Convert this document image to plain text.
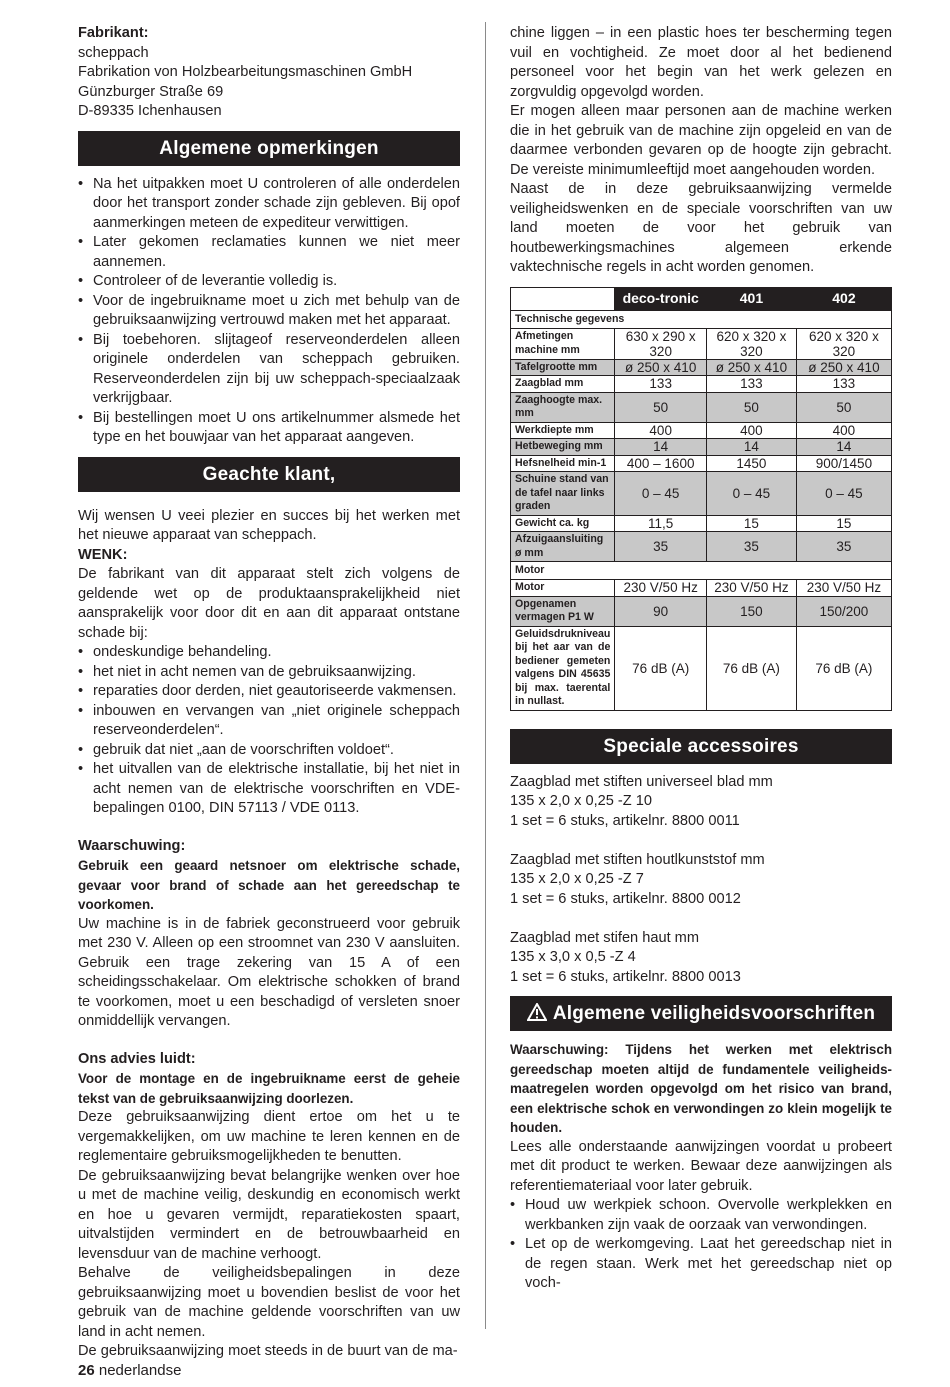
Fabrikant:
scheppach
Fabrikation von Holzbearbeitungsmaschinen GmbH
Günzburger Straße 69
D-89335 Ichenhausen
Algemene opmerkingen
• Na het uitpakken moet U controleren of alle onderdelen door het transport zonder schade zijn gebleven. Bij opof aanmerkingen meteen de expediteur verwittigen.
• Later gekomen reclamaties kunnen we niet meer aannemen.
• Controleer of de leverantie volledig is.
• Voor de ingebruikname moet u zich met behulp van de gebruiksaanwijzing vertrouwd maken met het apparaat.
• Bij toebehoren. slijtageof reserveonderdelen alleen originele onderdelen van scheppach gebruiken. Reserveonderdelen zijn bij uw scheppach-speciaalzaak verkrijgbaar.
• Bij bestellingen moet U ons artikelnummer alsmede het type en het bouwjaar van het apparaat aangeven.
Geachte klant,

Wij wensen U veei plezier en succes bij het werken met het nieuwe apparaat van scheppach.

WENK:

De fabrikant van dit apparaat stelt zich volgens de geldende wet op de produktaansprakelijkheid niet aansprakelijk voor door dit en aan dit apparaat ontstane schade bij:

• ondeskundige behandeling.
• het niet in acht nemen van de gebruiksaanwijzing.
• reparaties door derden, niet geautoriseerde vakmensen.
• inbouwen en vervangen van „niet originele scheppach reserveonderdelen“.
• gebruik dat niet „aan de voorschriften voldoet“.
• het uitvallen van de elektrische installatie, bij het niet in acht nemen van de elektrische voorschriften en VDE-bepalingen 0100, DIN 57113 / VDE 0113.
Waarschuwing:

Gebruik een geaard netsnoer om elektrische schade, gevaar voor brand of schade aan het gereedschap te voorkomen.

Uw machine is in de fabriek geconstrueerd voor gebruik met 230 V. Alleen op een stroomnet van 230 V aansluiten. Gebruik een trage zekering van 15 A of een scheidingsschakelaar. Om elektrische schokken of brand te voorkomen, moet u een beschadigd of versleten snoer onmiddellijk vervangen.

Ons advies luidt:

Voor de montage en de ingebruikname eerst de geheie tekst van de gebruiksaanwijzing doorlezen.

Deze gebruiksaanwijzing dient ertoe om het u te vergemakkelijken, om uw machine te leren kennen en de reglementaire gebruiksmogelijkheden te benutten.

De gebruiksaanwijzing bevat belangrijke wenken over hoe u met de machine veilig, deskundig en economisch werkt en hoe u gevaren vermijdt, reparatiekosten spaart, uitvalstijden vermindert en de betrouwbaarheid en levensduur van de machine verhoogt.

Behalve de veiligheidsbepalingen in deze gebruiksaanwijzing moet u bovendien beslist de voor het gebruik van de machine geldende voorschriften van uw land in acht nemen.

De gebruiksaanwijzing moet steeds in de buurt van de ma-

chine liggen – in een plastic hoes ter bescherming tegen vuil en vochtigheid. Ze moet door al het bedienend personeel voor het begin van het werk gelezen en zorgvuldig opgevolgd worden.

Er mogen alleen maar personen aan de machine werken die in het gebruik van de machine zijn opgeleid en van de daarmee verbonden gevaren op de hoogte zijn gebracht. De vereiste minimumleeftijd moet aangehouden worden.

Naast de in deze gebruiksaanwijzing vermelde veiligheidswenken en de speciale voorschriften van uw land moeten de voor het gebruik van houtbewerkingsmachines algemeen erkende vaktechnische regels in acht worden genomen.

	deco-tronic	401	402
Technische gegevens			
Afmetingen machine mm	630 x 290 x 320	620 x 320 x 320	620 x 320 x 320
Tafelgrootte mm	ø 250 x 410	ø 250 x 410	ø 250 x 410
Zaagblad mm	133	133	133
Zaaghoogte max. mm	50	50	50
Werkdiepte mm	400	400	400
Hetbeweging mm	14	14	14
Hefsnelheid min-1	400 – 1600	1450	900/1450
Schuine stand van de tafel naar links graden	0 – 45	0 – 45	0 – 45
Gewicht ca. kg	11,5	15	15
Afzuigaansluiting ø mm	35	35	35
Motor			
Motor	230 V/50 Hz	230 V/50 Hz	230 V/50 Hz
Opgenamen vermagen P1 W	90	150	150/200
Geluidsdrukniveau bij het aar van de bediener gemeten valgens DIN 45635 bij max. taerental in nullast.	76 dB (A)	76 dB (A)	76 dB (A)
Speciale accessoires
Zaagblad met stiften universeel blad mm
135 x 2,0 x 0,25 -Z 10
1 set = 6 stuks, artikelnr. 8800 0011
Zaagblad met stiften houtlkunststof mm
135 x 2,0 x 0,25 -Z 7
1 set = 6 stuks, artikelnr. 8800 0012
Zaagblad met stifen haut mm
135 x 3,0 x 0,5 -Z 4
1 set = 6 stuks, artikelnr. 8800 0013
Algemene veiligheidsvoorschriften

Waarschuwing: Tijdens het werken met elektrisch gereedschap moeten altijd de fundamentele veiligheids-maatregelen worden opgevolgd om het risico van brand, een elektrische schok en verwondingen zo klein mogelijk te houden.

Lees alle onderstaande aanwijzingen voordat u probeert met dit product te werken. Bewaar deze aanwijzingen als referentiemateriaal voor later gebruik.

• Houd uw werkpiek schoon. Overvolle werkplekken en werkbanken zijn vaak de oorzaak van verwondingen.
• Let op de werkomgeving. Laat het gereedschap niet in de regen staan. Werk met het gereedschap niet op voch-
26 nederlandse
